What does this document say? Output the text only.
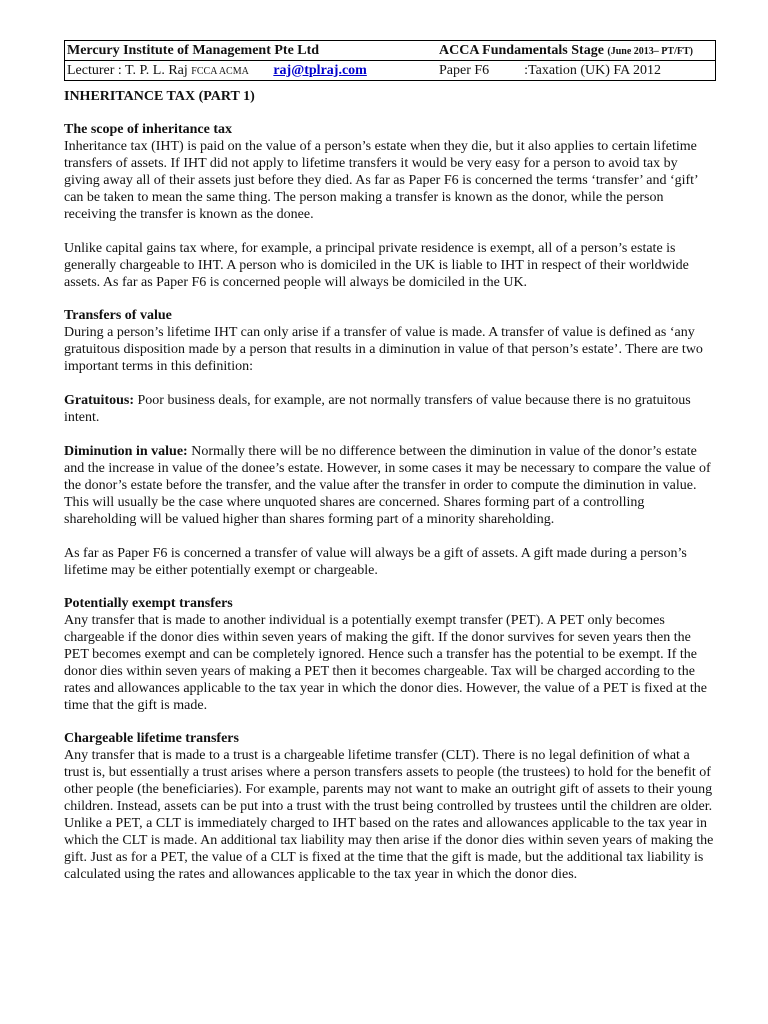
Mercury Institute of Management Pte Ltd	ACCA Fundamentals Stage (June 2013– PT/FT)
Lecturer : T. P. L. Raj FCCA ACMA raj@tplraj.com	Paper F6	:Taxation (UK) FA 2012
INHERITANCE TAX (PART 1)
The scope of inheritance tax

Inheritance tax (IHT) is paid on the value of a person’s estate when they die, but it also applies to certain lifetime transfers of assets. If IHT did not apply to lifetime transfers it would be very easy for a person to avoid tax by giving away all of their assets just before they died. As far as Paper F6 is concerned the terms ‘transfer’ and ‘gift’ can be taken to mean the same thing. The person making a transfer is known as the donor, while the person receiving the transfer is known as the donee.

Unlike capital gains tax where, for example, a principal private residence is exempt, all of a person’s estate is generally chargeable to IHT. A person who is domiciled in the UK is liable to IHT in respect of their worldwide assets. As far as Paper F6 is concerned people will always be domiciled in the UK.

Transfers of value

During a person’s lifetime IHT can only arise if a transfer of value is made. A transfer of value is defined as ‘any gratuitous disposition made by a person that results in a diminution in value of that person’s estate’. There are two important terms in this definition:

Gratuitous: Poor business deals, for example, are not normally transfers of value because there is no gratuitous intent.

Diminution in value: Normally there will be no difference between the diminution in value of the donor’s estate and the increase in value of the donee’s estate. However, in some cases it may be necessary to compare the value of the donor’s estate before the transfer, and the value after the transfer in order to compute the diminution in value. This will usually be the case where unquoted shares are concerned. Shares forming part of a controlling shareholding will be valued higher than shares forming part of a minority shareholding.

As far as Paper F6 is concerned a transfer of value will always be a gift of assets. A gift made during a person’s lifetime may be either potentially exempt or chargeable.

Potentially exempt transfers

Any transfer that is made to another individual is a potentially exempt transfer (PET). A PET only becomes chargeable if the donor dies within seven years of making the gift. If the donor survives for seven years then the PET becomes exempt and can be completely ignored. Hence such a transfer has the potential to be exempt. If the donor dies within seven years of making a PET then it becomes chargeable. Tax will be charged according to the rates and allowances applicable to the tax year in which the donor dies. However, the value of a PET is fixed at the time that the gift is made.

Chargeable lifetime transfers

Any transfer that is made to a trust is a chargeable lifetime transfer (CLT). There is no legal definition of what a trust is, but essentially a trust arises where a person transfers assets to people (the trustees) to hold for the benefit of other people (the beneficiaries). For example, parents may not want to make an outright gift of assets to their young children. Instead, assets can be put into a trust with the trust being controlled by trustees until the children are older. Unlike a PET, a CLT is immediately charged to IHT based on the rates and allowances applicable to the tax year in which the CLT is made. An additional tax liability may then arise if the donor dies within seven years of making the gift. Just as for a PET, the value of a CLT is fixed at the time that the gift is made, but the additional tax liability is calculated using the rates and allowances applicable to the tax year in which the donor dies.
